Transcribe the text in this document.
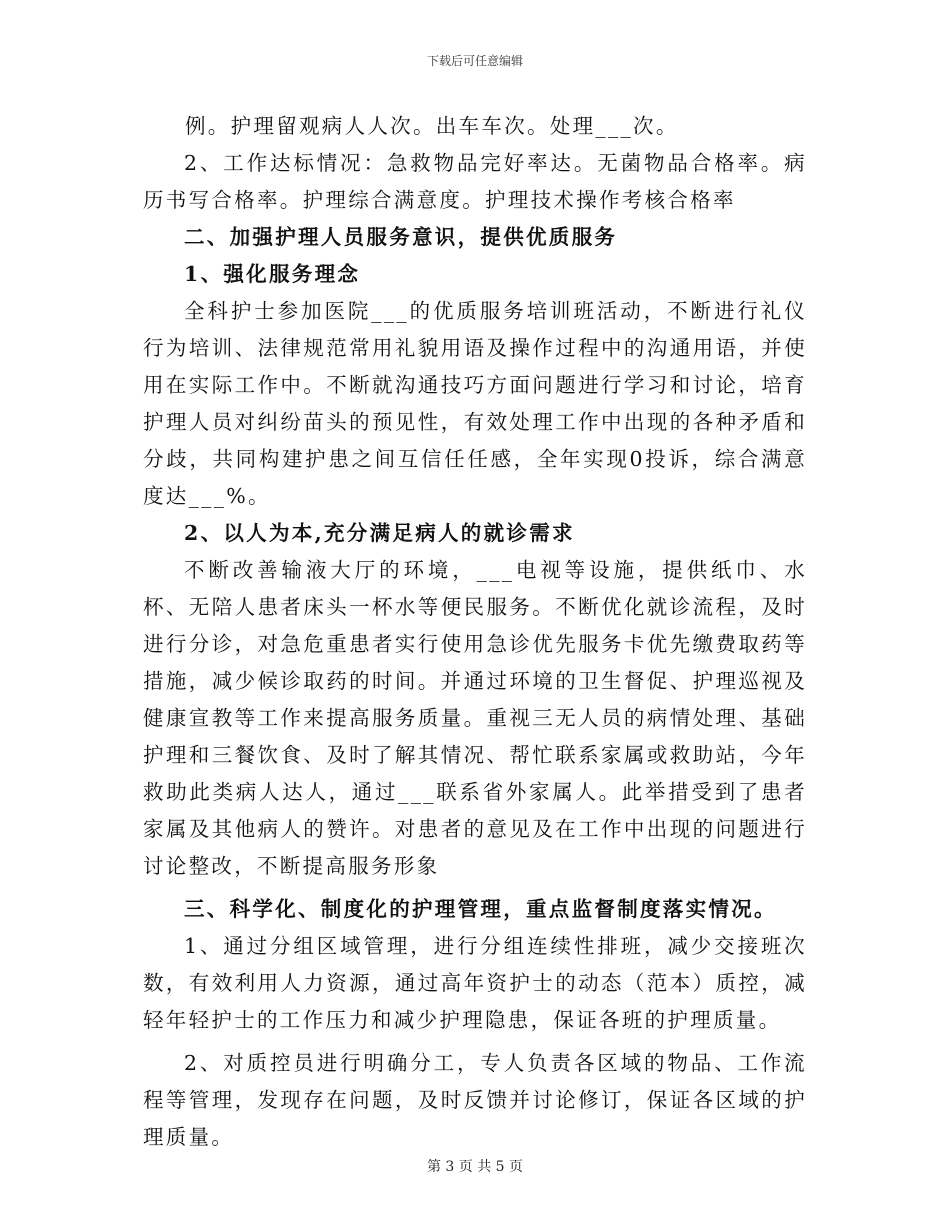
下载后可任意编辑

例。护理留观病人人次。出车车次。处理___次。

2、工作达标情况：急救物品完好率达。无菌物品合格率。病历书写合格率。护理综合满意度。护理技术操作考核合格率

二、加强护理人员服务意识，提供优质服务

1、强化服务理念

全科护士参加医院___的优质服务培训班活动，不断进行礼仪行为培训、法律规范常用礼貌用语及操作过程中的沟通用语，并使用在实际工作中。不断就沟通技巧方面问题进行学习和讨论，培育护理人员对纠纷苗头的预见性，有效处理工作中出现的各种矛盾和分歧，共同构建护患之间互信任任感，全年实现0投诉，综合满意度达___%。

2、以人为本,充分满足病人的就诊需求

不断改善输液大厅的环境，___电视等设施，提供纸巾、水杯、无陪人患者床头一杯水等便民服务。不断优化就诊流程，及时进行分诊，对急危重患者实行使用急诊优先服务卡优先缴费取药等措施，减少候诊取药的时间。并通过环境的卫生督促、护理巡视及健康宣教等工作来提高服务质量。重视三无人员的病情处理、基础护理和三餐饮食、及时了解其情况、帮忙联系家属或救助站，今年救助此类病人达人，通过___联系省外家属人。此举措受到了患者家属及其他病人的赞许。对患者的意见及在工作中出现的问题进行讨论整改，不断提高服务形象

三、科学化、制度化的护理管理，重点监督制度落实情况。

1、通过分组区域管理，进行分组连续性排班，减少交接班次数，有效利用人力资源，通过高年资护士的动态（范本）质控，减轻年轻护士的工作压力和减少护理隐患，保证各班的护理质量。

2、对质控员进行明确分工，专人负责各区域的物品、工作流程等管理，发现存在问题，及时反馈并讨论修订，保证各区域的护理质量。

第 3 页 共 5 页
